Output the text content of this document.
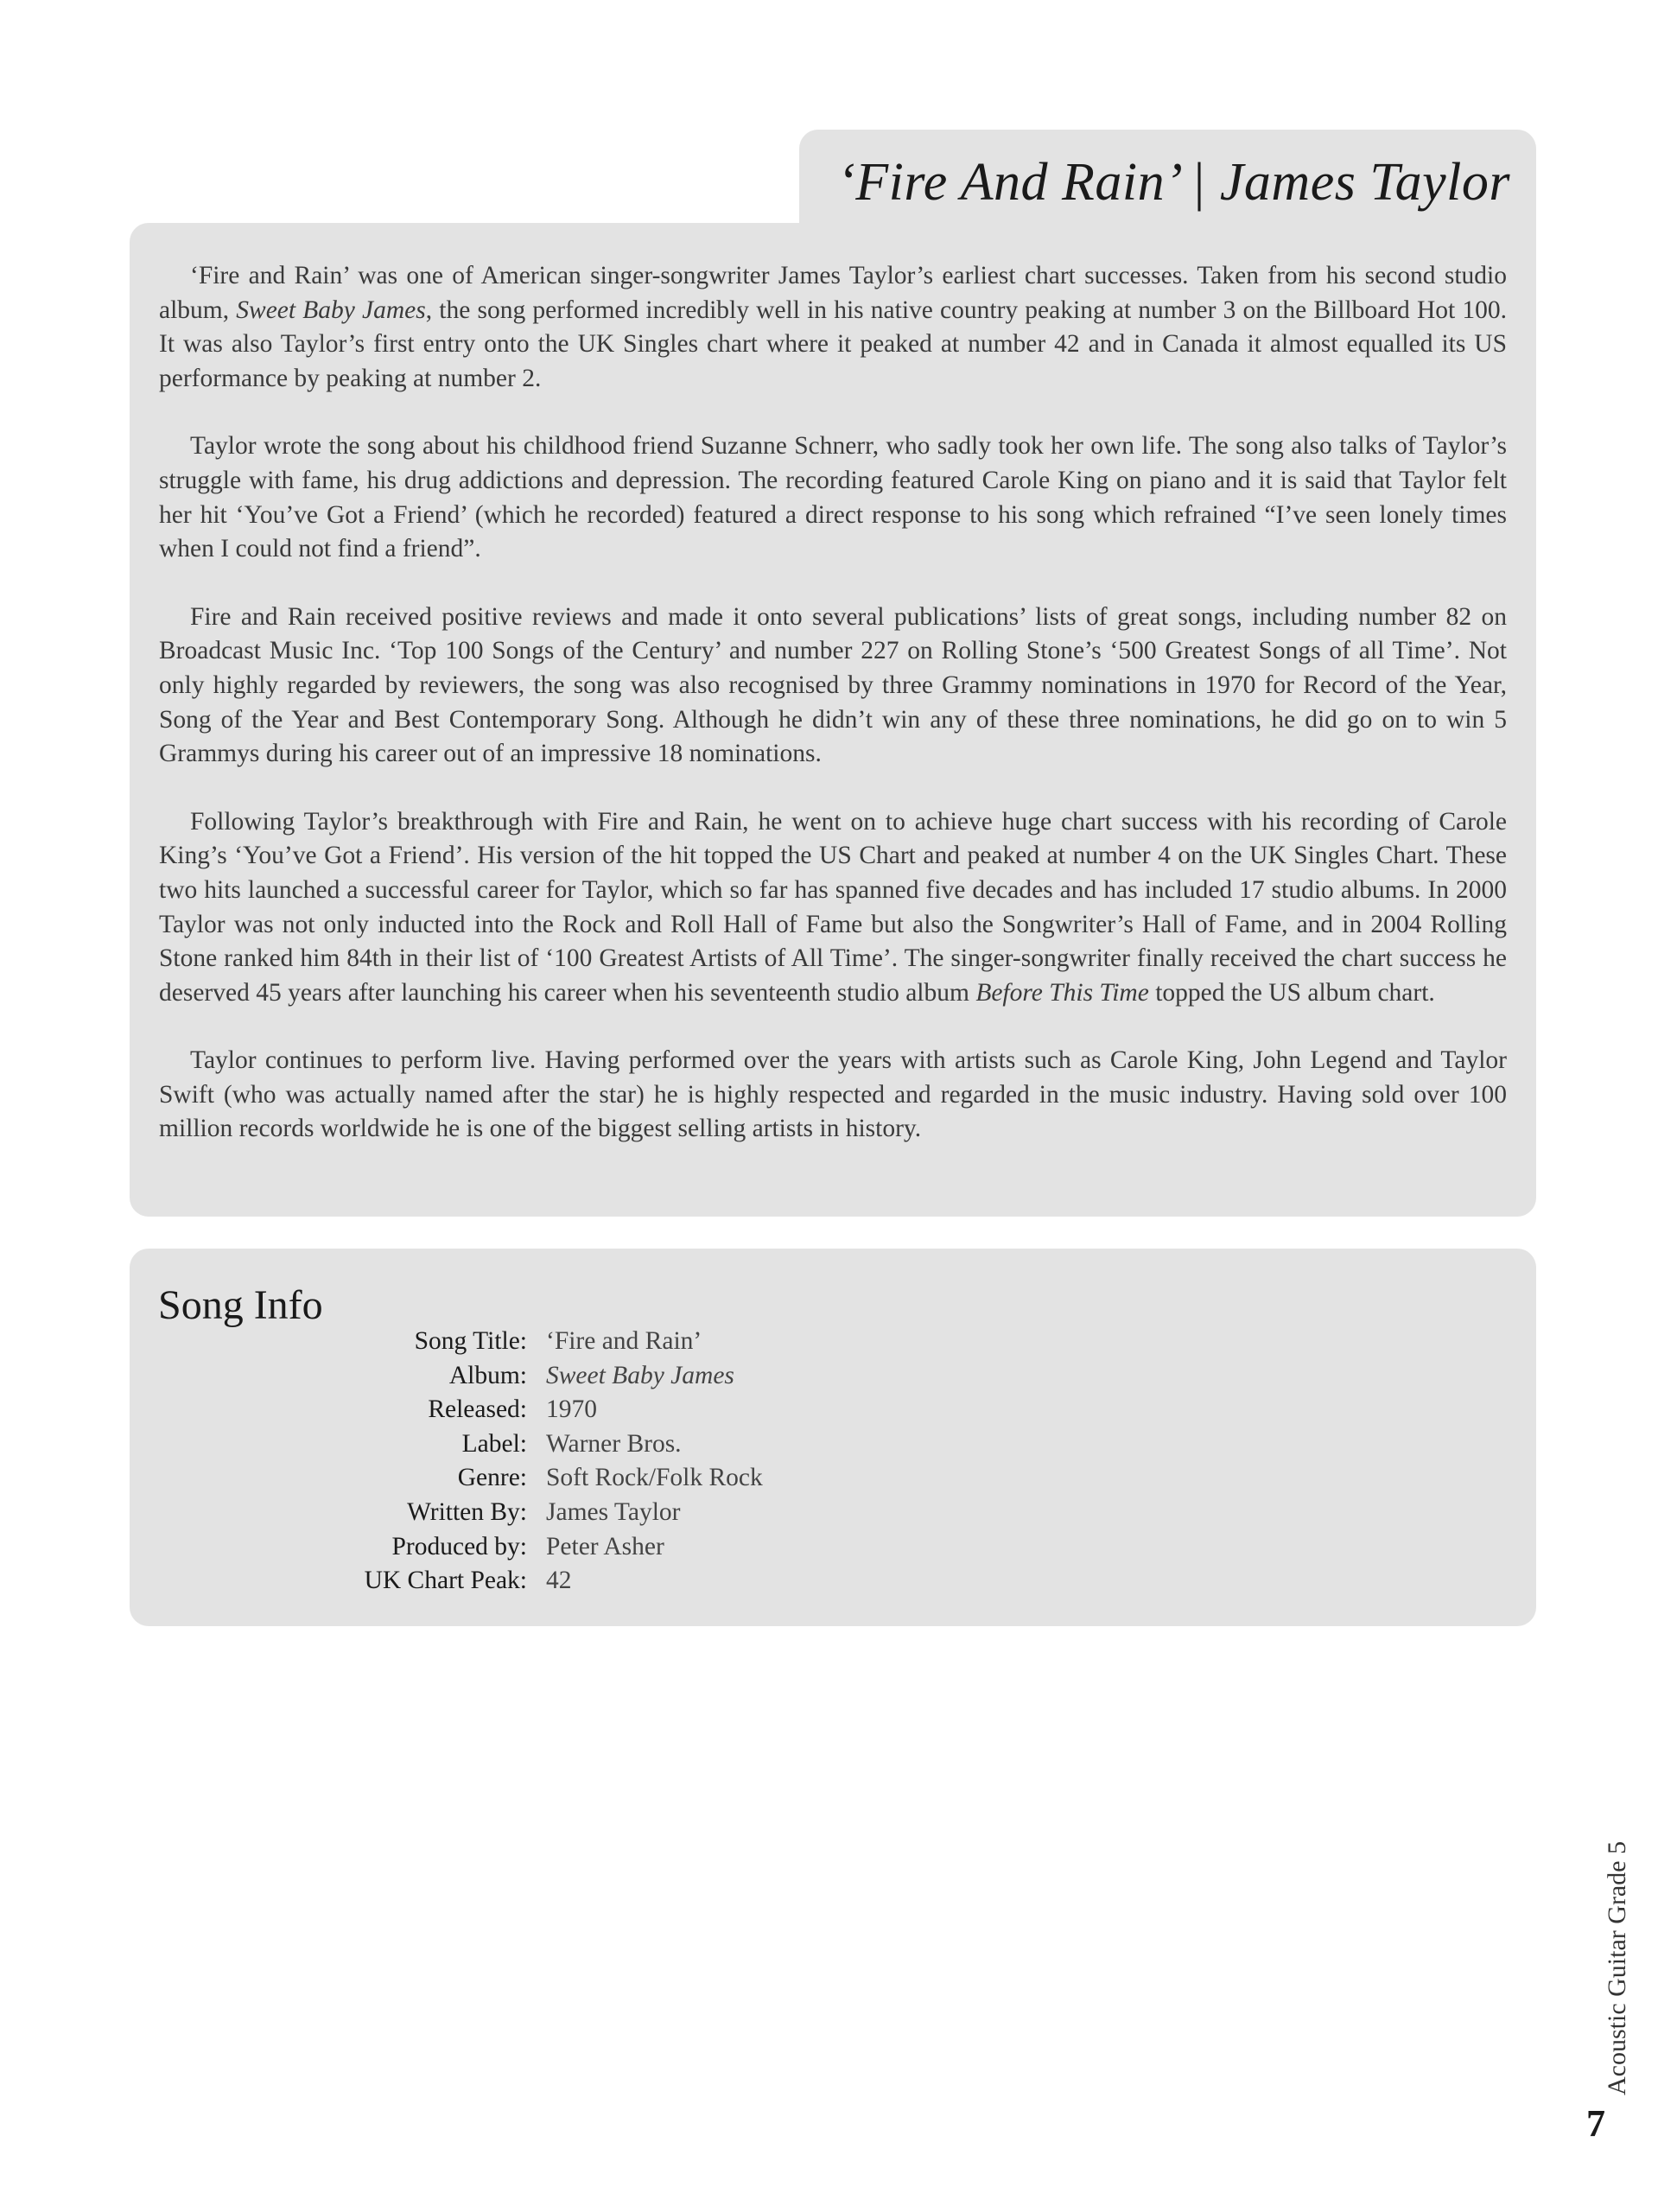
‘Fire And Rain’ | James Taylor

‘Fire and Rain’ was one of American singer-songwriter James Taylor’s earliest chart successes. Taken from his second studio album, Sweet Baby James, the song performed incredibly well in his native country peaking at number 3 on the Billboard Hot 100. It was also Taylor’s first entry onto the UK Singles chart where it peaked at number 42 and in Canada it almost equalled its US performance by peaking at number 2.

Taylor wrote the song about his childhood friend Suzanne Schnerr, who sadly took her own life. The song also talks of Taylor’s struggle with fame, his drug addictions and depression. The recording featured Carole King on piano and it is said that Taylor felt her hit ‘You’ve Got a Friend’ (which he recorded) featured a direct response to his song which refrained “I’ve seen lonely times when I could not find a friend”.

Fire and Rain received positive reviews and made it onto several publications’ lists of great songs, including number 82 on Broadcast Music Inc. ‘Top 100 Songs of the Century’ and number 227 on Rolling Stone’s ‘500 Greatest Songs of all Time’. Not only highly regarded by reviewers, the song was also recognised by three Grammy nominations in 1970 for Record of the Year, Song of the Year and Best Contemporary Song. Although he didn’t win any of these three nominations, he did go on to win 5 Grammys during his career out of an impressive 18 nominations.

Following Taylor’s breakthrough with Fire and Rain, he went on to achieve huge chart success with his recording of Carole King’s ‘You’ve Got a Friend’. His version of the hit topped the US Chart and peaked at number 4 on the UK Singles Chart. These two hits launched a successful career for Taylor, which so far has spanned five decades and has included 17 studio albums. In 2000 Taylor was not only inducted into the Rock and Roll Hall of Fame but also the Songwriter’s Hall of Fame, and in 2004 Rolling Stone ranked him 84th in their list of ‘100 Greatest Artists of All Time’. The singer-songwriter finally received the chart success he deserved 45 years after launching his career when his seventeenth studio album Before This Time topped the US album chart.

Taylor continues to perform live. Having performed over the years with artists such as Carole King, John Legend and Taylor Swift (who was actually named after the star) he is highly respected and regarded in the music industry. Having sold over 100 million records worldwide he is one of the biggest selling artists in history.

Song Info
Song Title: ‘Fire and Rain’
Album: Sweet Baby James
Released: 1970
Label: Warner Bros.
Genre: Soft Rock/Folk Rock
Written By: James Taylor
Produced by: Peter Asher
UK Chart Peak: 42
Acoustic Guitar Grade 5
7
